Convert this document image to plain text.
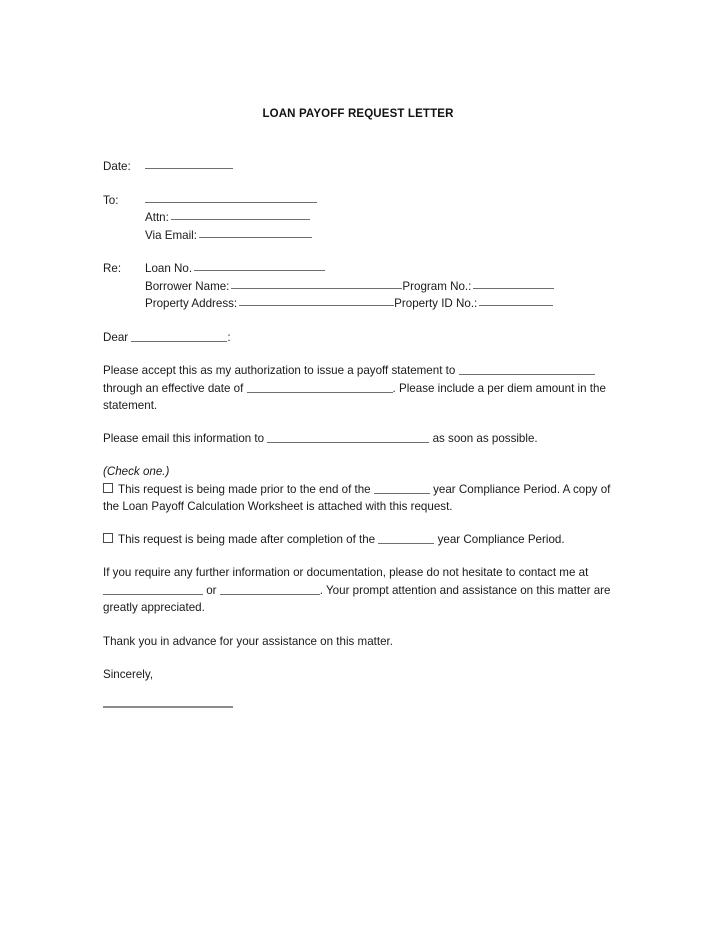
LOAN PAYOFF REQUEST LETTER
Date:
To:
Attn:
Via Email:
Re:	Loan No.
Borrower Name:	Program No.:
Property Address:	Property ID No.:
Dear	:
Please accept this as my authorization to issue a payoff statement to  through an effective date of	. Please include a per diem amount in the statement.
Please email this information to	as soon as possible.
(Check one.)
This request is being made prior to the end of the	year Compliance Period. A copy of the Loan Payoff Calculation Worksheet is attached with this request.
This request is being made after completion of the	year Compliance Period.
If you require any further information or documentation, please do not hesitate to contact me at  or	. Your prompt attention and assistance on this matter are greatly appreciated.
Thank you in advance for your assistance on this matter.
Sincerely,
